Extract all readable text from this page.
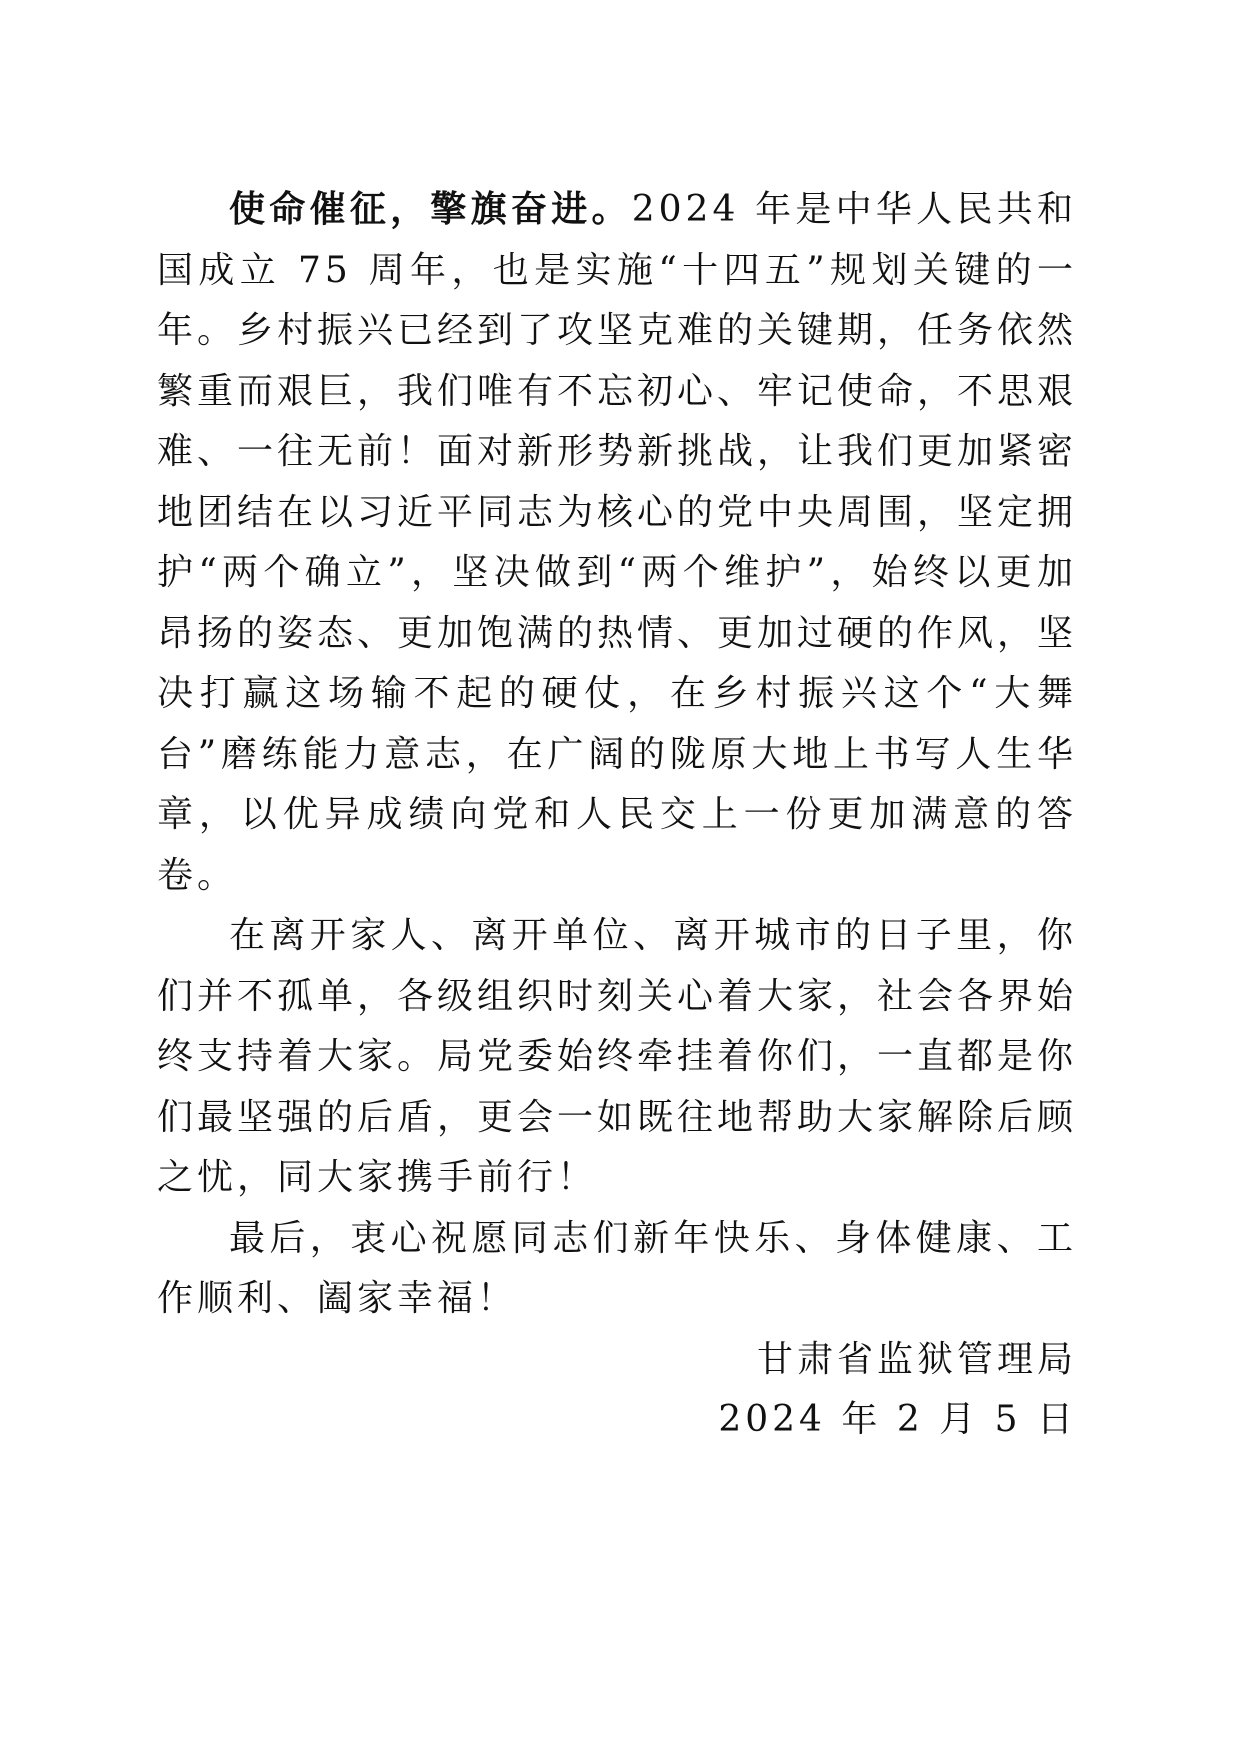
使命催征，擎旗奋进。2024 年是中华人民共和国成立 75 周年，也是实施“十四五”规划关键的一年。乡村振兴已经到了攻坚克难的关键期，任务依然繁重而艰巨，我们唯有不忘初心、牢记使命，不思艰难、一往无前！面对新形势新挑战，让我们更加紧密地团结在以习近平同志为核心的党中央周围，坚定拥护“两个确立”，坚决做到“两个维护”，始终以更加昂扬的姿态、更加饱满的热情、更加过硬的作风，坚决打赢这场输不起的硬仗，在乡村振兴这个“大舞台”磨练能力意志，在广阔的陇原大地上书写人生华章，以优异成绩向党和人民交上一份更加满意的答卷。

在离开家人、离开单位、离开城市的日子里，你们并不孤单，各级组织时刻关心着大家，社会各界始终支持着大家。局党委始终牵挂着你们，一直都是你们最坚强的后盾，更会一如既往地帮助大家解除后顾之忧，同大家携手前行！

最后，衷心祝愿同志们新年快乐、身体健康、工作顺利、阖家幸福！

甘肃省监狱管理局

2024 年 2 月 5 日
